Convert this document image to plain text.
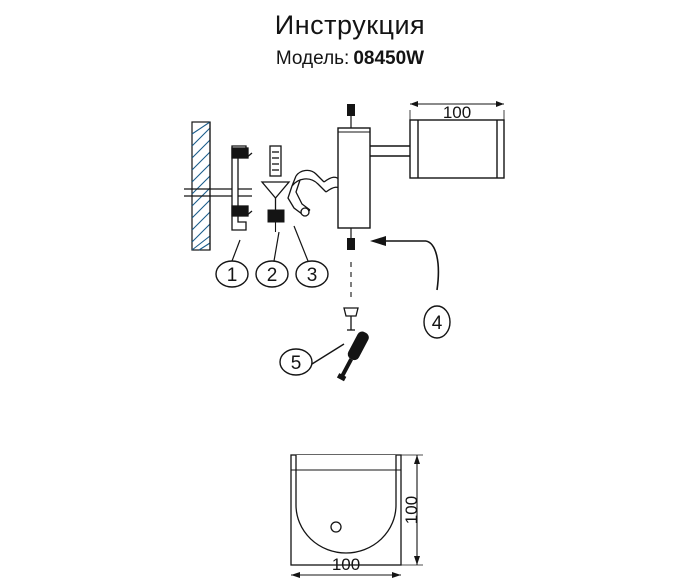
Инструкция
Модель: 08450W
100
1 2 3
4
5
100
100
